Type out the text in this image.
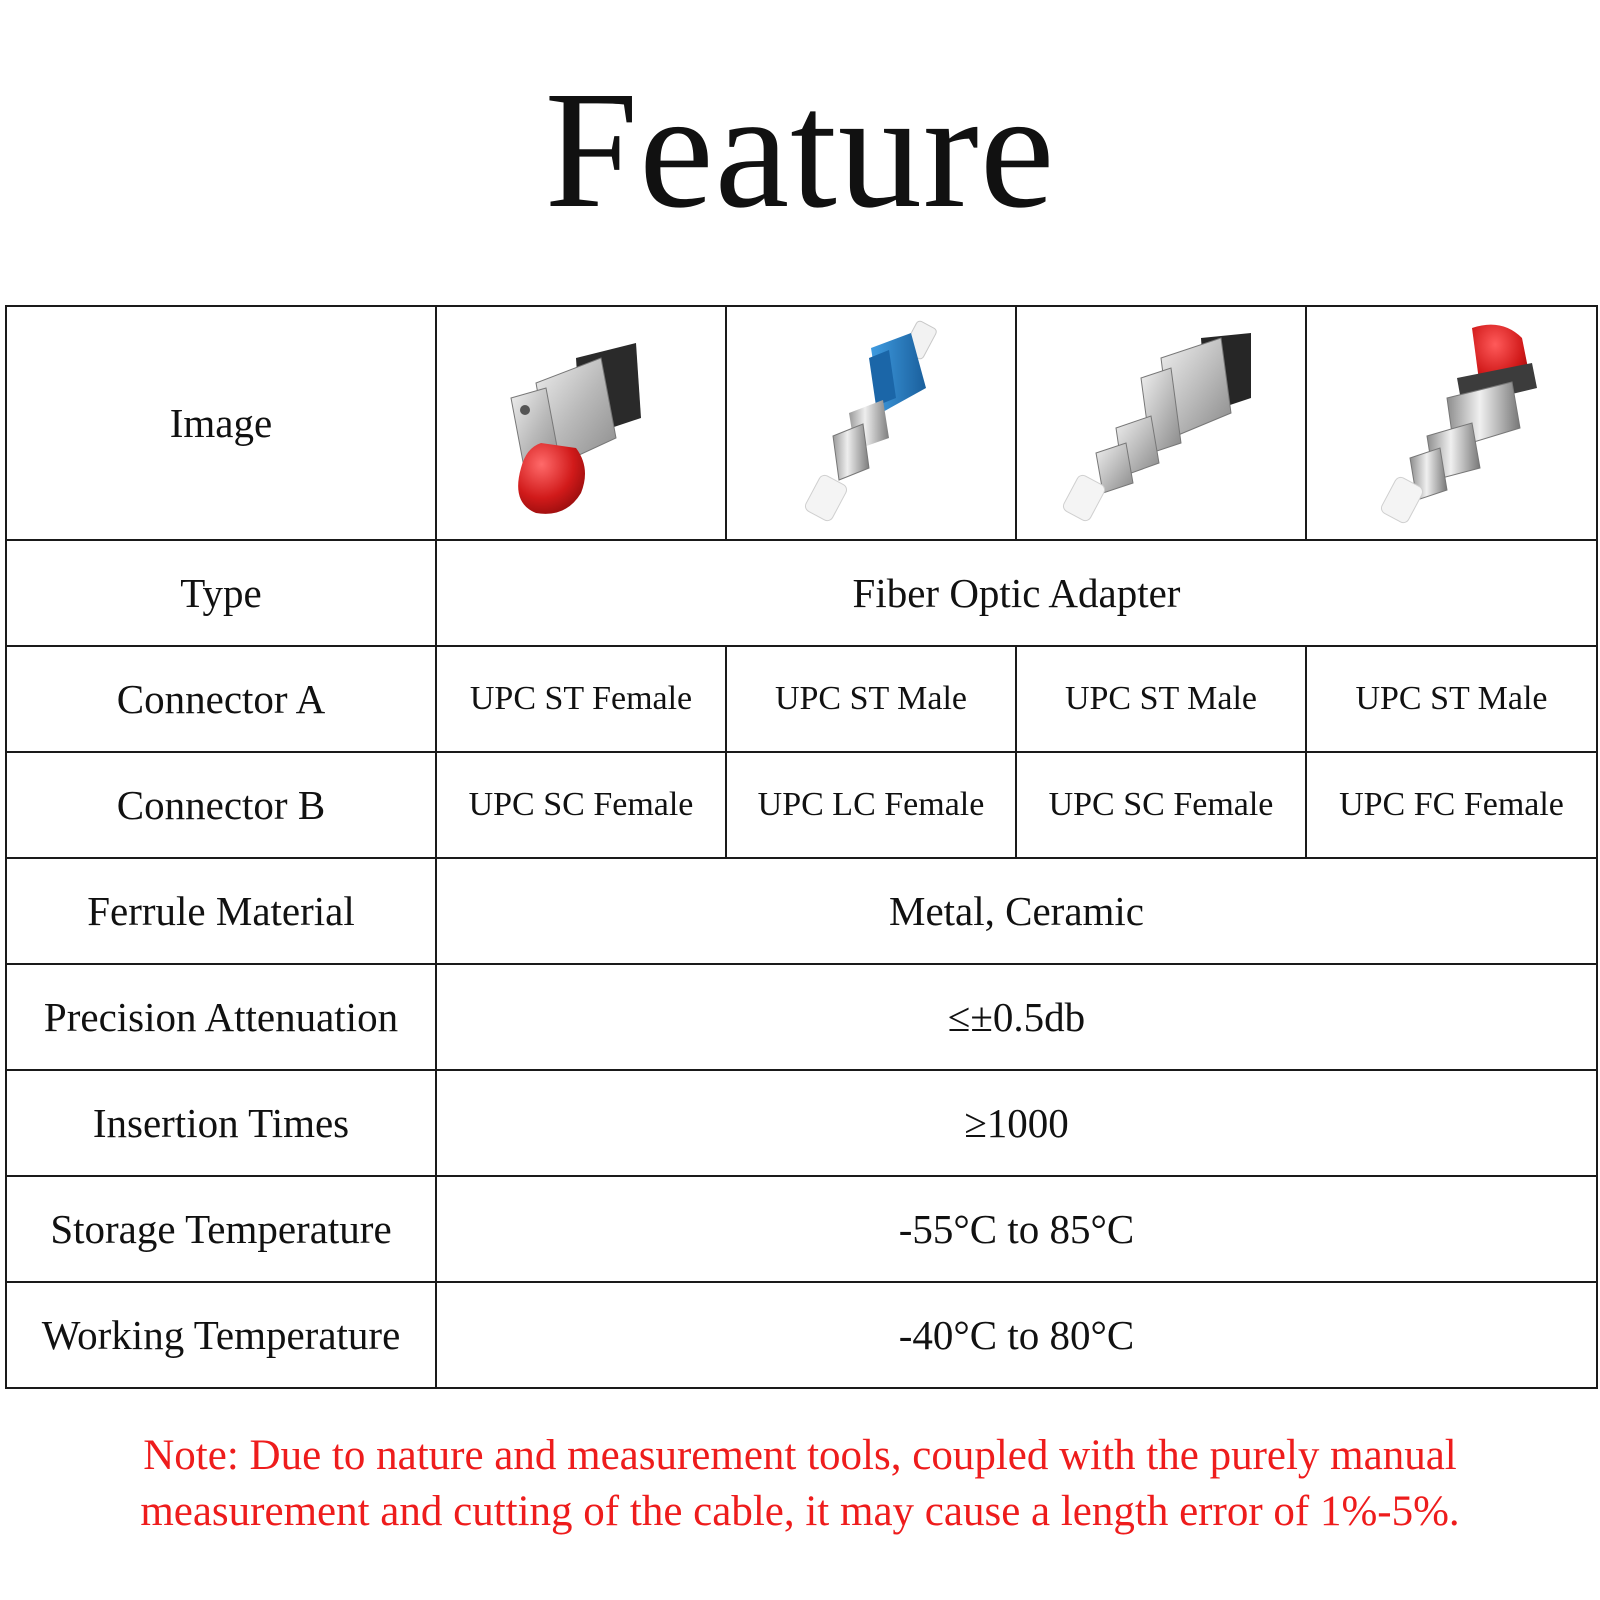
Feature
Image	

Type	Fiber Optic Adapter			
Connector A	UPC ST Female	UPC ST Male	UPC ST Male	UPC ST Male
Connector B	UPC SC Female	UPC LC Female	UPC SC Female	UPC FC Female
Ferrule Material	Metal, Ceramic			
Precision Attenuation	≤±0.5db			
Insertion Times	≥1000			
Storage Temperature	-55°C to 85°C			
Working Temperature	-40°C to 80°C			
Note: Due to nature and measurement tools, coupled with the purely manual
measurement and cutting of the cable, it may cause a length error of 1%-5%.
